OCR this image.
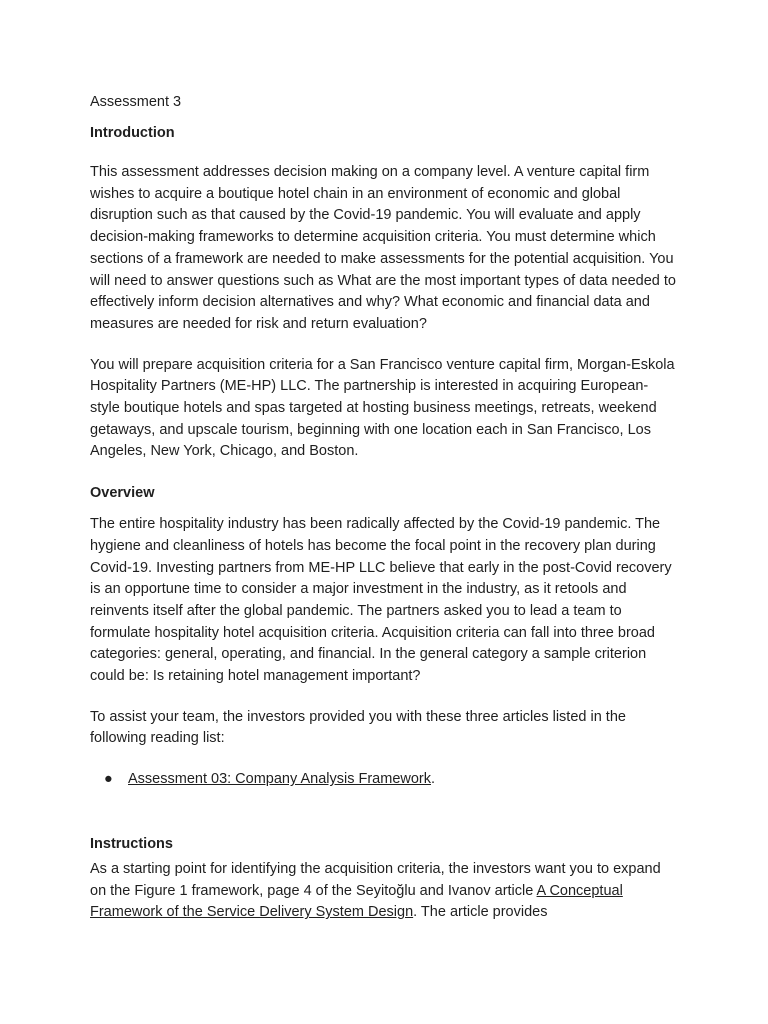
Assessment 3
Introduction

This assessment addresses decision making on a company level. A venture capital firm wishes to acquire a boutique hotel chain in an environment of economic and global disruption such as that caused by the Covid-19 pandemic. You will evaluate and apply decision-making frameworks to determine acquisition criteria. You must determine which sections of a framework are needed to make assessments for the potential acquisition. You will need to answer questions such as What are the most important types of data needed to effectively inform decision alternatives and why? What economic and financial data and measures are needed for risk and return evaluation?

You will prepare acquisition criteria for a San Francisco venture capital firm, Morgan-Eskola Hospitality Partners (ME-HP) LLC. The partnership is interested in acquiring European-style boutique hotels and spas targeted at hosting business meetings, retreats, weekend getaways, and upscale tourism, beginning with one location each in San Francisco, Los Angeles, New York, Chicago, and Boston.

Overview

The entire hospitality industry has been radically affected by the Covid-19 pandemic. The hygiene and cleanliness of hotels has become the focal point in the recovery plan during Covid-19. Investing partners from ME-HP LLC believe that early in the post-Covid recovery is an opportune time to consider a major investment in the industry, as it retools and reinvents itself after the global pandemic. The partners asked you to lead a team to formulate hospitality hotel acquisition criteria. Acquisition criteria can fall into three broad categories: general, operating, and financial. In the general category a sample criterion could be: Is retaining hotel management important?

To assist your team, the investors provided you with these three articles listed in the following reading list:

● Assessment 03: Company Analysis Framework.
Instructions

As a starting point for identifying the acquisition criteria, the investors want you to expand on the Figure 1 framework, page 4 of the Seyitoğlu and Ivanov article A Conceptual Framework of the Service Delivery System Design. The article provides
